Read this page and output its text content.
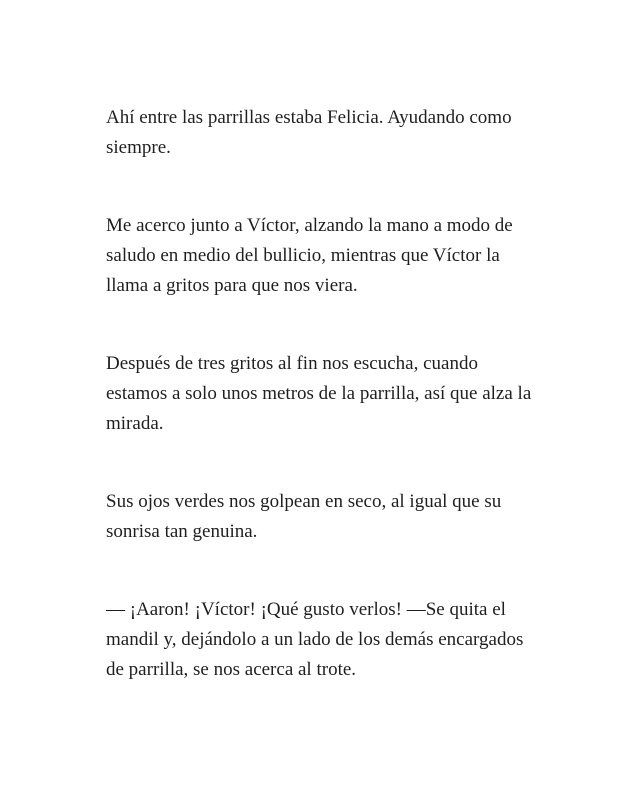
Ahí entre las parrillas estaba Felicia. Ayudando como
siempre.

Me acerco junto a Víctor, alzando la mano a modo de
saludo en medio del bullicio, mientras que Víctor la
llama a gritos para que nos viera.

Después de tres gritos al fin nos escucha, cuando
estamos a solo unos metros de la parrilla, así que alza la
mirada.

Sus ojos verdes nos golpean en seco, al igual que su
sonrisa tan genuina.

— ¡Aaron! ¡Víctor! ¡Qué gusto verlos! —Se quita el
mandil y, dejándolo a un lado de los demás encargados
de parrilla, se nos acerca al trote.
